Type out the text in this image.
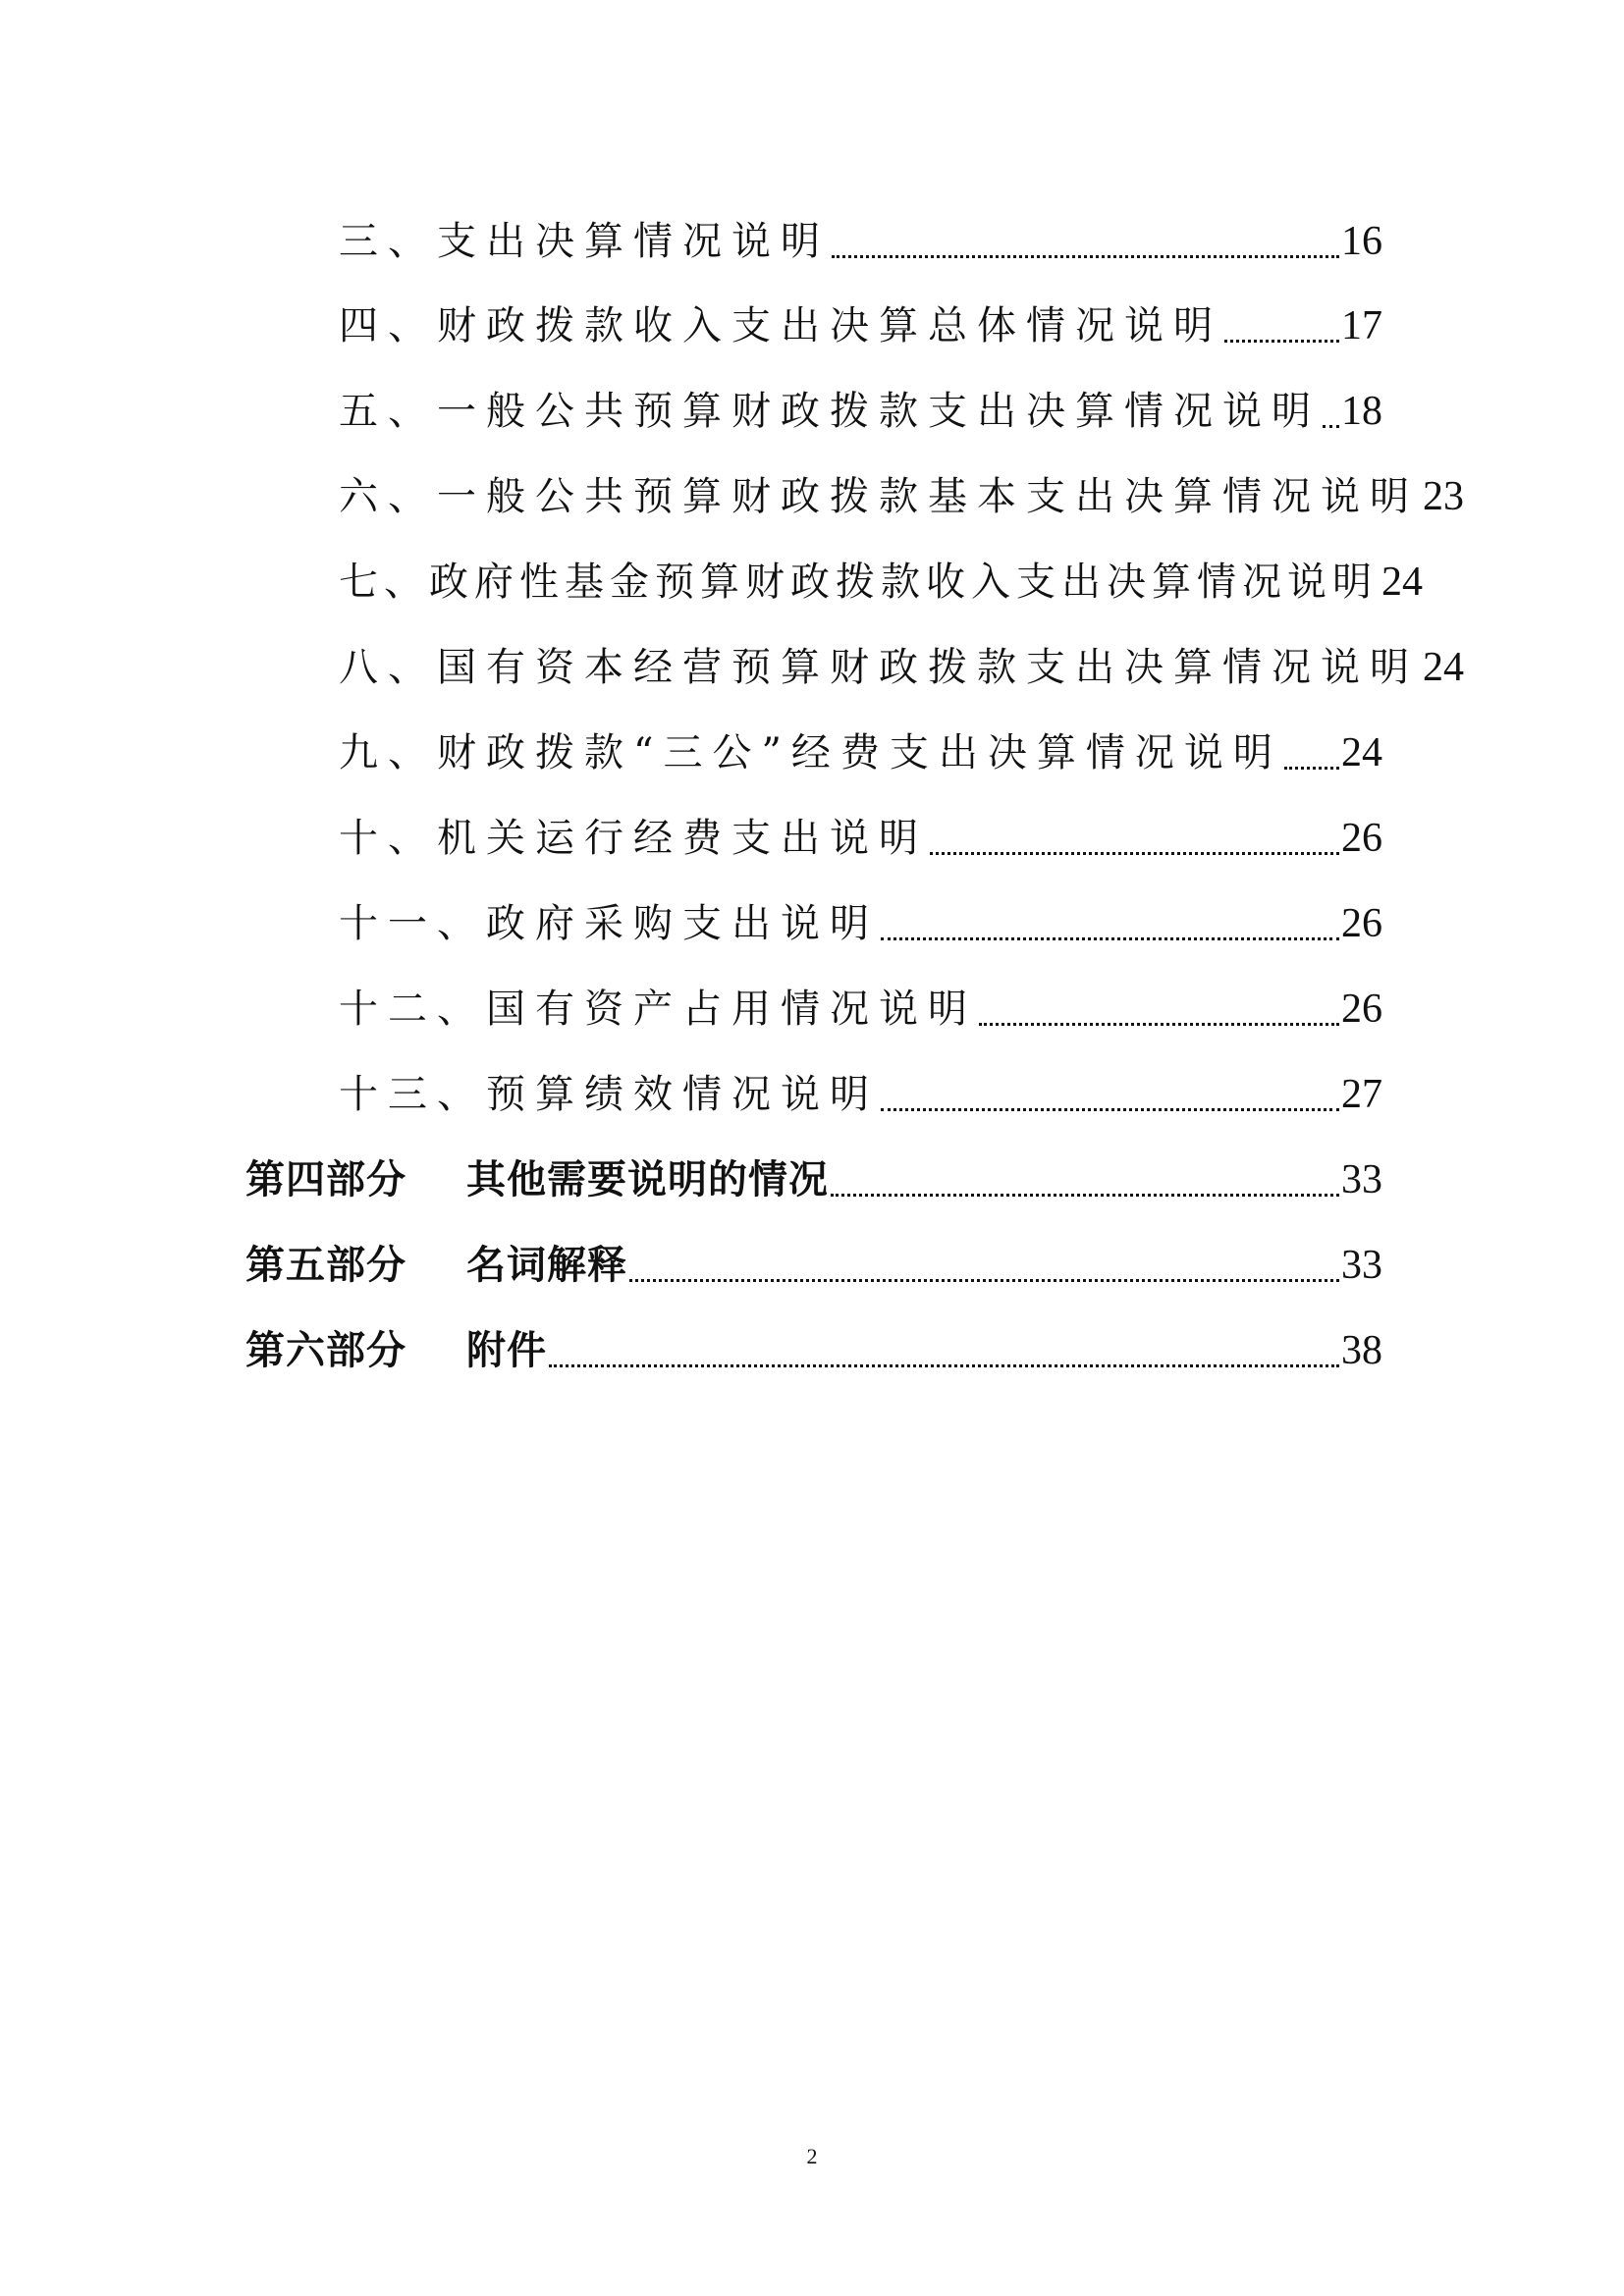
三、支出决算情况说明	16
四、财政拨款收入支出决算总体情况说明	17
五、一般公共预算财政拨款支出决算情况说明 18
六、一般公共预算财政拨款基本支出决算情况说明 23
七、政府性基金预算财政拨款收入支出决算情况说明 24
八、国有资本经营预算财政拨款支出决算情况说明 24
九、财政拨款“三公”经费支出决算情况说明 24
十、机关运行经费支出说明	26
十一、政府采购支出说明	26
十二、国有资产占用情况说明	26
十三、预算绩效情况说明	27
第四部分 其他需要说明的情况	33
第五部分 名词解释	33
第六部分 附件	38
2
